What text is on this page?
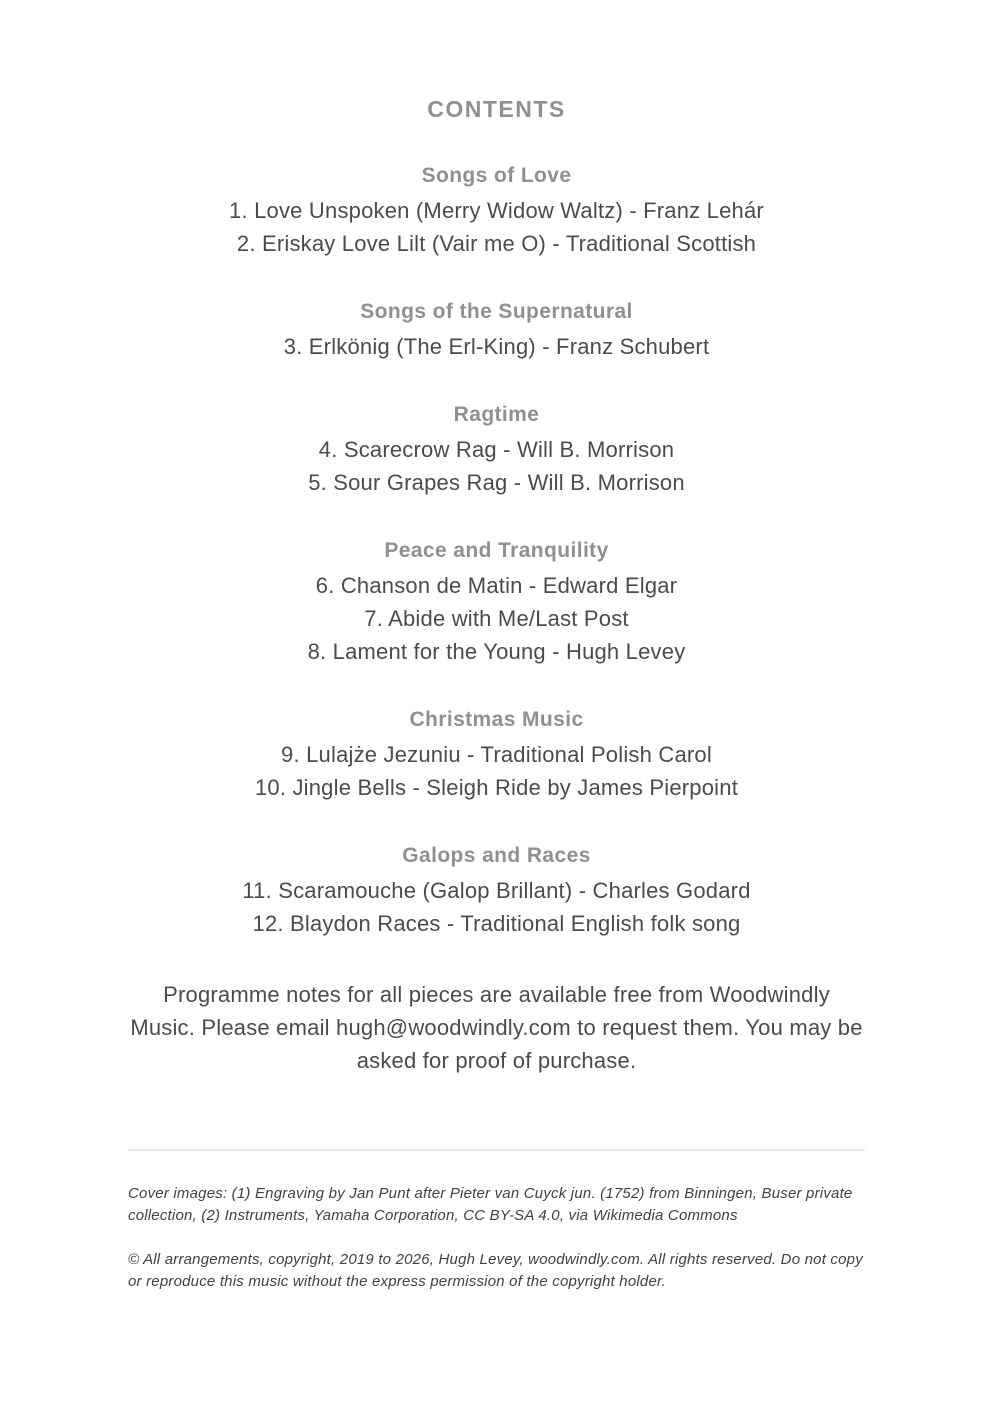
CONTENTS
Songs of Love
1. Love Unspoken (Merry Widow Waltz) - Franz Lehár
2. Eriskay Love Lilt (Vair me O) - Traditional Scottish
Songs of the Supernatural
3. Erlkönig (The Erl-King) - Franz Schubert
Ragtime
4. Scarecrow Rag - Will B. Morrison
5. Sour Grapes Rag - Will B. Morrison
Peace and Tranquility
6. Chanson de Matin - Edward Elgar
7. Abide with Me/Last Post
8. Lament for the Young - Hugh Levey
Christmas Music
9. Lulajże Jezuniu - Traditional Polish Carol
10. Jingle Bells - Sleigh Ride by James Pierpoint
Galops and Races
11. Scaramouche (Galop Brillant) - Charles Godard
12. Blaydon Races - Traditional English folk song
Programme notes for all pieces are available free from Woodwindly Music. Please email hugh@woodwindly.com to request them. You may be asked for proof of purchase.

Cover images: (1) Engraving by Jan Punt after Pieter van Cuyck jun. (1752) from Binningen, Buser private collection, (2) Instruments, Yamaha Corporation, CC BY-SA 4.0, via Wikimedia Commons

© All arrangements, copyright, 2019 to 2026, Hugh Levey, woodwindly.com. All rights reserved. Do not copy or reproduce this music without the express permission of the copyright holder.
